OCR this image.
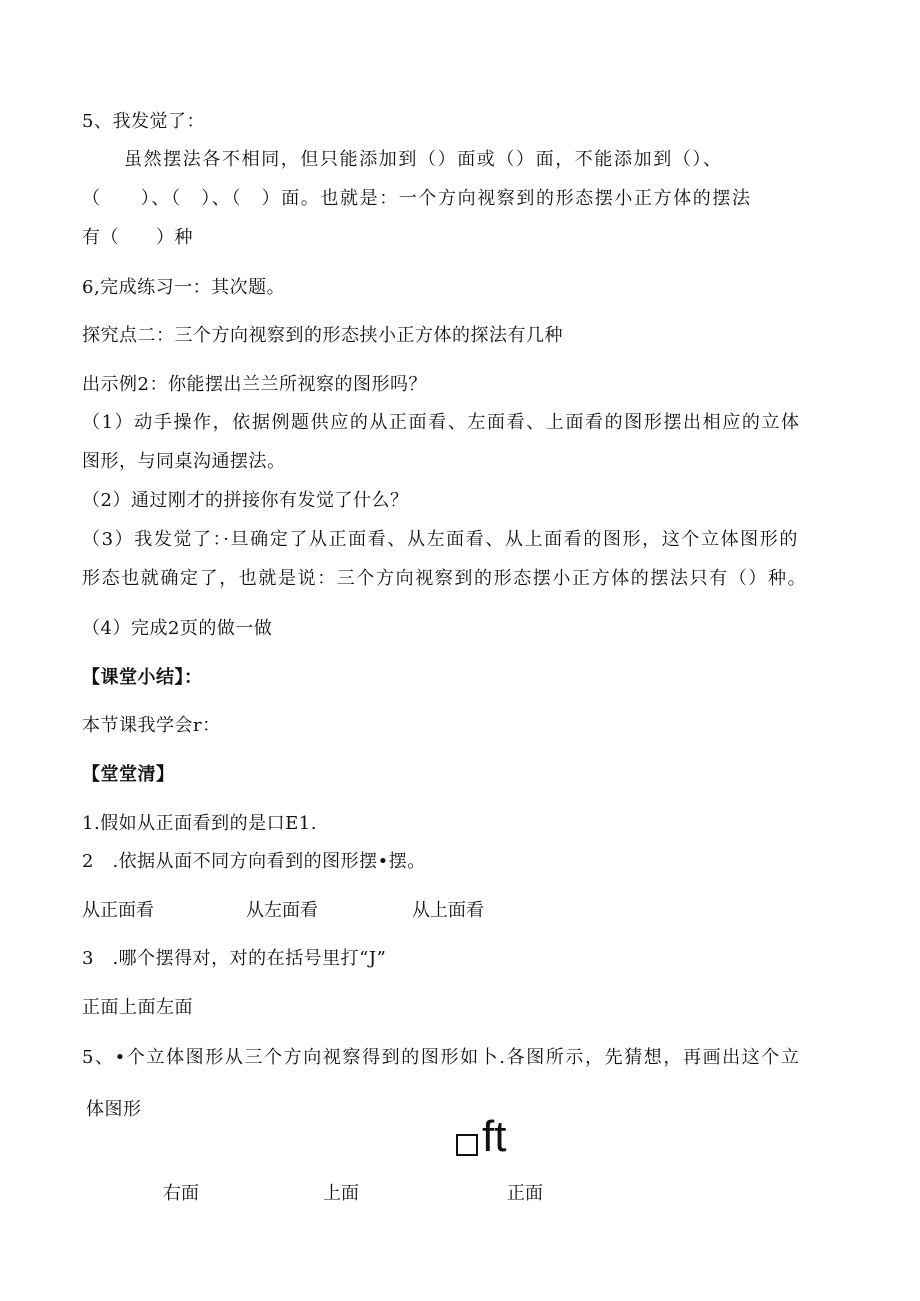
5、我发觉了：
虽然摆法各不相同，但只能添加到（）面或（）面，不能添加到（）、
（　　）、（　）、（　）面。也就是：一个方向视察到的形态摆小正方体的摆法
有（　　）种
6,完成练习一：其次题。
探究点二：三个方向视察到的形态挟小正方体的探法有几种
出示例2：你能摆出兰兰所视察的图形吗？
（1）动手操作，依据例题供应的从正面看、左面看、上面看的图形摆出相应的立体
图形，与同桌沟通摆法。
（2）通过刚才的拼接你有发觉了什么？
（3）我发觉了：·旦确定了从正面看、从左面看、从上面看的图形，这个立体图形的
形态也就确定了，也就是说：三个方向视察到的形态摆小正方体的摆法只有（）种。
（4）完成2页的做一做
【课堂小结】：
本节课我学会r：
【堂堂清】
1.假如从正面看到的是口E1.
2　.依据从面不同方向看到的图形摆•摆。
从正面看	从左面看	从上面看
3　.哪个摆得对，对的在括号里打“J”
正面上面左面
5、•个立体图形从三个方向视察得到的图形如卜.各图所示，先猜想，再画出这个立
体图形
ft
右面	上面	正面
